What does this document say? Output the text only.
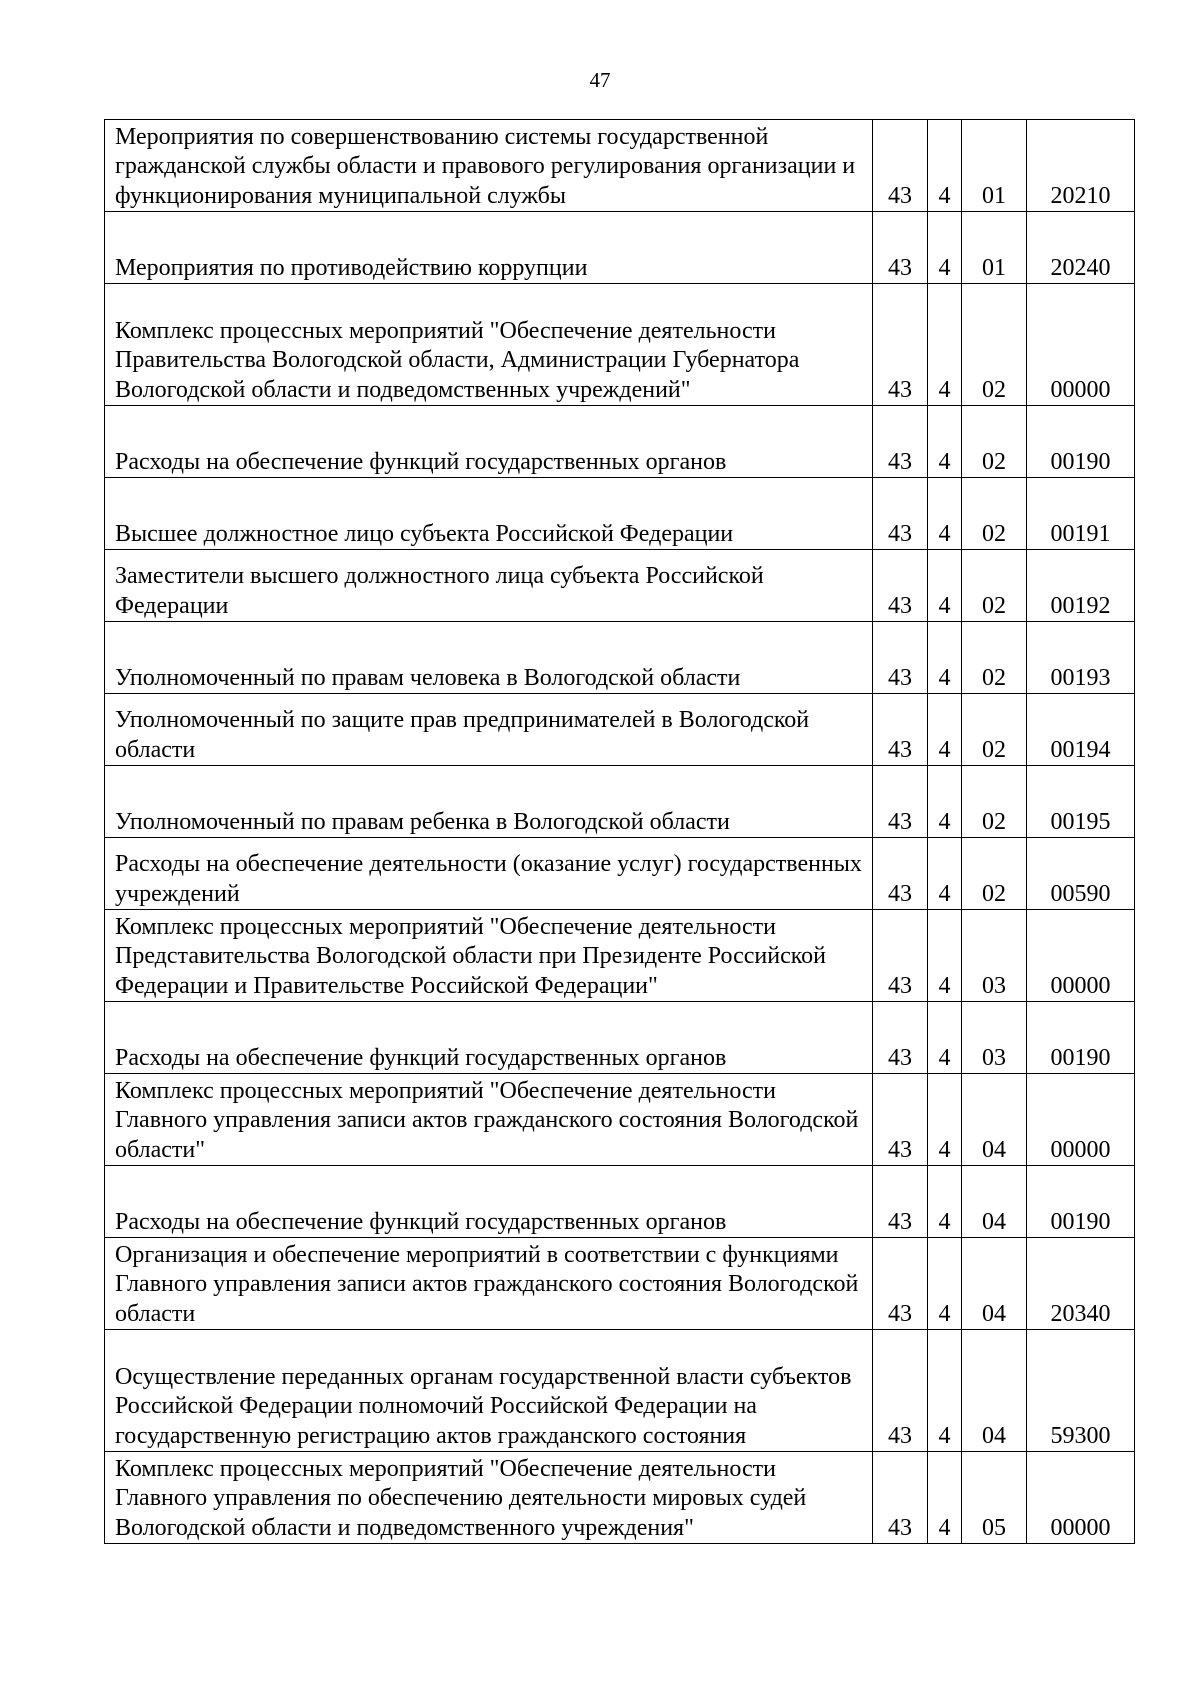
47
Мероприятия по совершенствованию системы государственной гражданской службы области и правового регулирования организации и функционирования муниципальной службы	43	4	01	20210
Мероприятия по противодействию коррупции	43	4	01	20240
Комплекс процессных мероприятий "Обеспечение деятельности Правительства Вологодской области, Администрации Губернатора Вологодской области и подведомственных учреждений"	43	4	02	00000
Расходы на обеспечение функций государственных органов	43	4	02	00190
Высшее должностное лицо субъекта Российской Федерации	43	4	02	00191
Заместители высшего должностного лица субъекта Российской Федерации	43	4	02	00192
Уполномоченный по правам человека в Вологодской области	43	4	02	00193
Уполномоченный по защите прав предпринимателей в Вологодской области	43	4	02	00194
Уполномоченный по правам ребенка в Вологодской области	43	4	02	00195
Расходы на обеспечение деятельности (оказание услуг) государственных учреждений	43	4	02	00590
Комплекс процессных мероприятий "Обеспечение деятельности Представительства Вологодской области при Президенте Российской Федерации и Правительстве Российской Федерации"	43	4	03	00000
Расходы на обеспечение функций государственных органов	43	4	03	00190
Комплекс процессных мероприятий "Обеспечение деятельности Главного управления записи актов гражданского состояния Вологодской области"	43	4	04	00000
Расходы на обеспечение функций государственных органов	43	4	04	00190
Организация и обеспечение мероприятий в соответствии с функциями Главного управления записи актов гражданского состояния Вологодской области	43	4	04	20340
Осуществление переданных органам государственной власти субъектов Российской Федерации полномочий Российской Федерации на государственную регистрацию актов гражданского состояния	43	4	04	59300
Комплекс процессных мероприятий "Обеспечение деятельности Главного управления по обеспечению деятельности мировых судей Вологодской области и подведомственного учреждения"	43	4	05	00000
